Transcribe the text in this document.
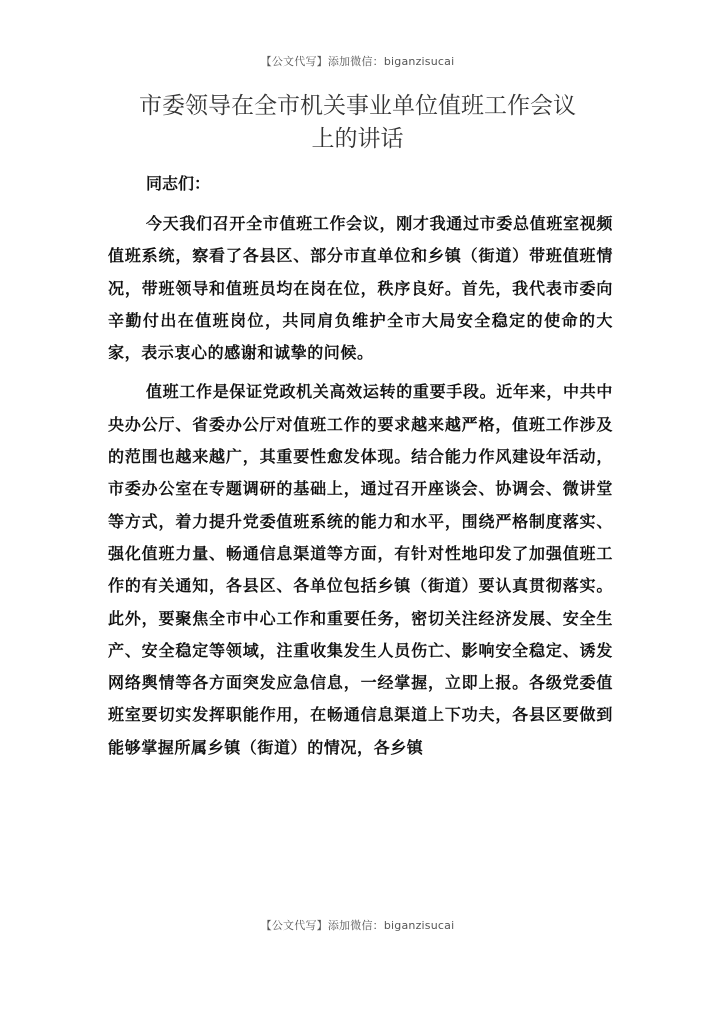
【公文代写】添加微信：biganzisucai
市委领导在全市机关事业单位值班工作会议
上的讲话

同志们：

今天我们召开全市值班工作会议，刚才我通过市委总值班室视频值班系统，察看了各县区、部分市直单位和乡镇（街道）带班值班情况，带班领导和值班员均在岗在位，秩序良好。首先，我代表市委向辛勤付出在值班岗位，共同肩负维护全市大局安全稳定的使命的大家，表示衷心的感谢和诚挚的问候。

值班工作是保证党政机关高效运转的重要手段。近年来，中共中央办公厅、省委办公厅对值班工作的要求越来越严格，值班工作涉及的范围也越来越广，其重要性愈发体现。结合能力作风建设年活动，市委办公室在专题调研的基础上，通过召开座谈会、协调会、微讲堂等方式，着力提升党委值班系统的能力和水平，围绕严格制度落实、强化值班力量、畅通信息渠道等方面，有针对性地印发了加强值班工作的有关通知，各县区、各单位包括乡镇（街道）要认真贯彻落实。此外，要聚焦全市中心工作和重要任务，密切关注经济发展、安全生产、安全稳定等领域，注重收集发生人员伤亡、影响安全稳定、诱发网络舆情等各方面突发应急信息，一经掌握，立即上报。各级党委值班室要切实发挥职能作用，在畅通信息渠道上下功夫，各县区要做到能够掌握所属乡镇（街道）的情况，各乡镇

【公文代写】添加微信：biganzisucai
